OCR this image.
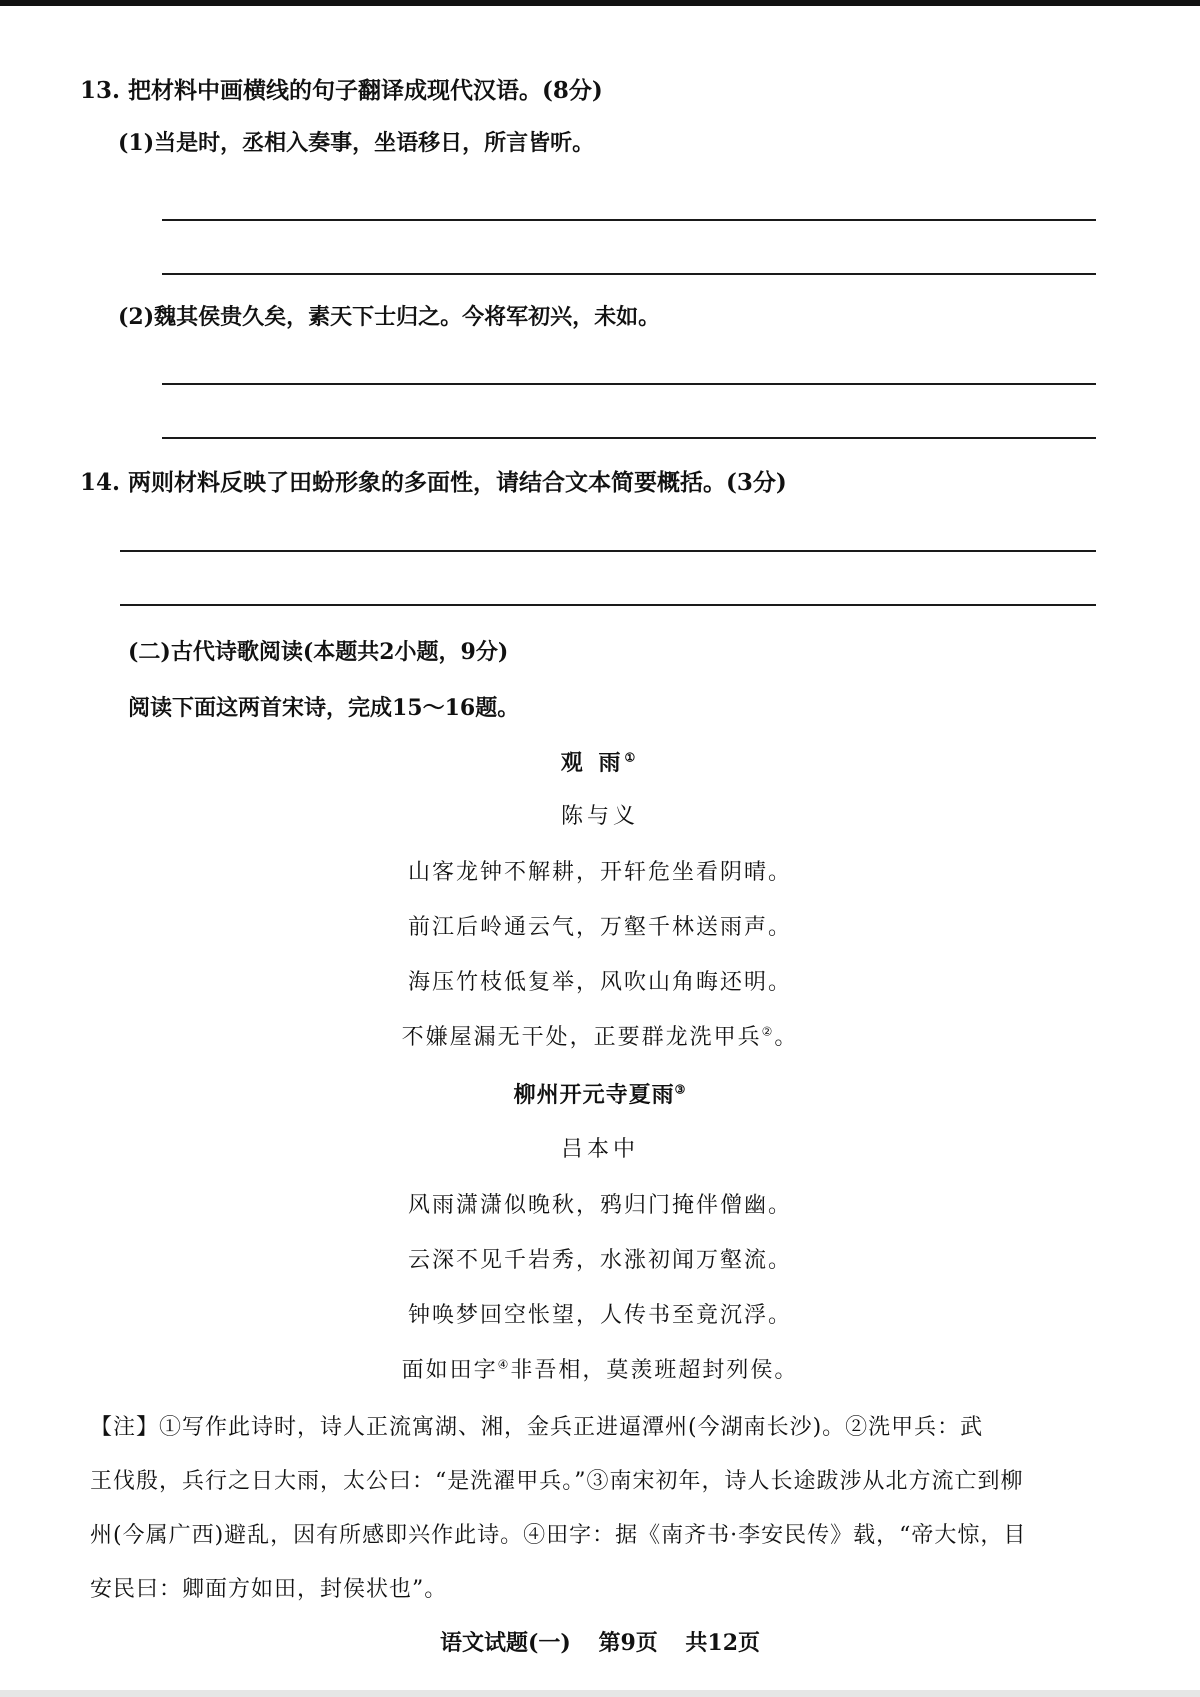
13. 把材料中画横线的句子翻译成现代汉语。(8分)
(1)当是时，丞相入奏事，坐语移日，所言皆听。
(2)魏其侯贵久矣，素天下士归之。今将军初兴，未如。
14. 两则材料反映了田蚡形象的多面性，请结合文本简要概括。(3分)
(二)古代诗歌阅读(本题共2小题，9分)
阅读下面这两首宋诗，完成15～16题。
观 雨①
陈与义
山客龙钟不解耕，开轩危坐看阴晴。
前江后岭通云气，万壑千林送雨声。
海压竹枝低复举，风吹山角晦还明。
不嫌屋漏无干处，正要群龙洗甲兵②。
柳州开元寺夏雨③
吕本中
风雨潇潇似晚秋，鸦归门掩伴僧幽。
云深不见千岩秀，水涨初闻万壑流。
钟唤梦回空怅望，人传书至竟沉浮。
面如田字④非吾相，莫羡班超封列侯。
【注】①写作此诗时，诗人正流寓湖、湘，金兵正进逼潭州(今湖南长沙)。②洗甲兵：武
王伐殷，兵行之日大雨，太公曰：“是洗濯甲兵。”③南宋初年，诗人长途跋涉从北方流亡到柳
州(今属广西)避乱，因有所感即兴作此诗。④田字：据《南齐书·李安民传》载，“帝大惊，目
安民曰：卿面方如田，封侯状也”。
语文试题(一) 第9页 共12页
